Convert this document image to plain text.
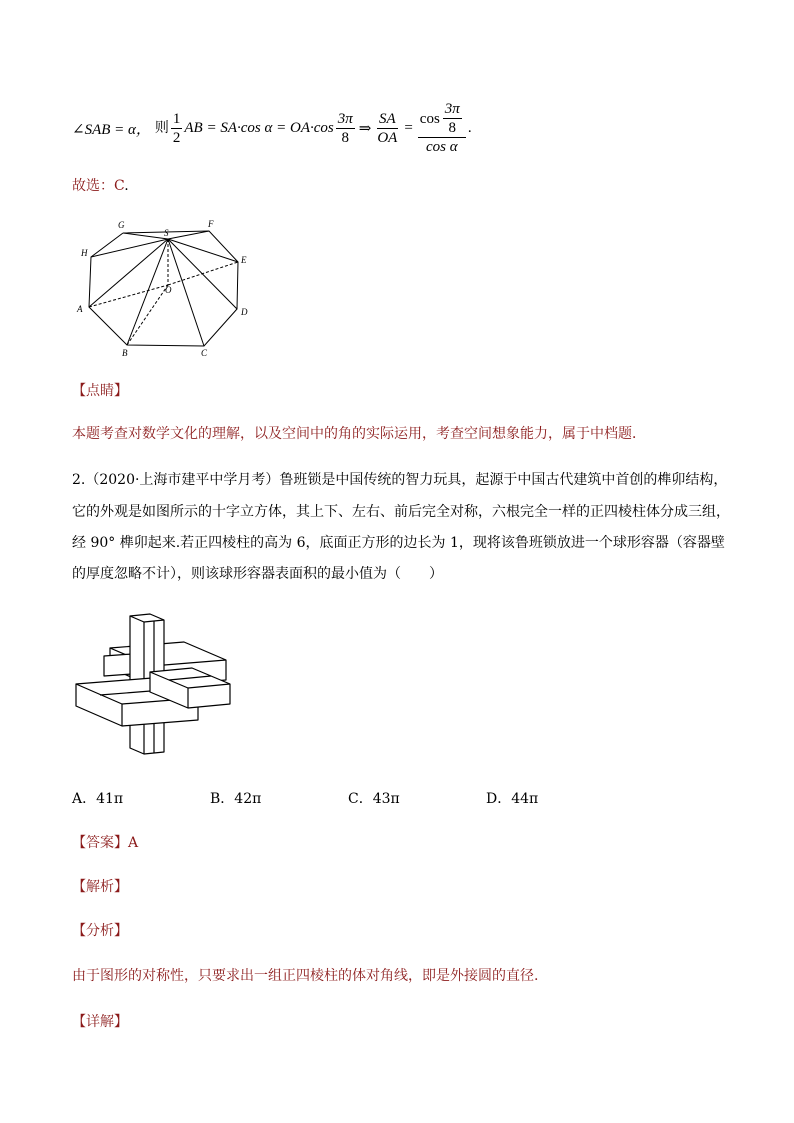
∠SAB = α， 则 $\frac{1}{2}$ AB = SA·cos $\alpha = OA\cdot\cos \frac{3\pi}{8}$ ⇒ $\frac{SA}{OA} = \frac{\cos \frac{3\pi}{8}}{\text{cos α}}$ .
故选：C.
G	F
S
H
E
O
A	D
B	C
【点睛】
本题考查对数学文化的理解，以及空间中的角的实际运用，考查空间想象能力，属于中档题．
2.（2020·上海市建平中学月考）鲁班锁是中国传统的智力玩具，起源于中国古代建筑中首创的榫卯结构，
它的外观是如图所示的十字立方体，其上下、左右、前后完全对称，六根完全一样的正四棱柱体分成三组，
经 90° 榫卯起来.若正四棱柱的高为 6，底面正方形的边长为 1，现将该鲁班锁放进一个球形容器（容器壁
的厚度忽略不计），则该球形容器表面积的最小值为（　　）
A．41π	B．42π	C．43π	D．44π
【答案】A
【解析】
【分析】
由于图形的对称性，只要求出一组正四棱柱的体对角线，即是外接圆的直径.
【详解】
